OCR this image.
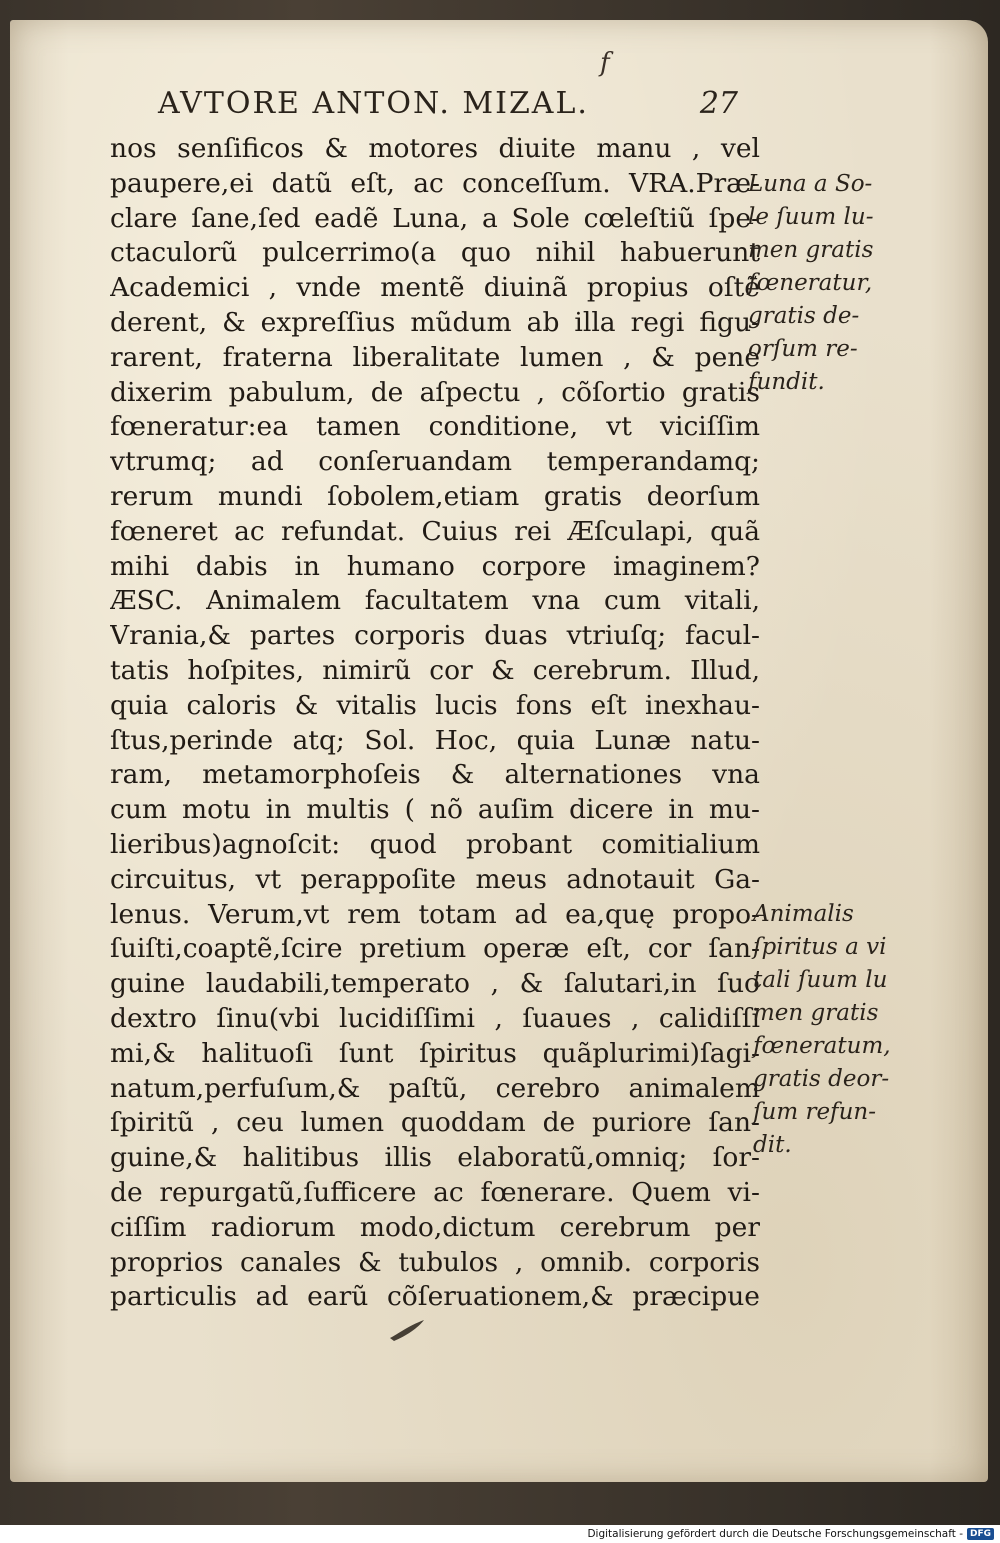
f
AVTORE ANTON. MIZAL.	27
nos senſificos & motores diuite manu , vel
paupere,ei datũ eſt, ac conceſſum. VRA.Præ-
clare ſane,ſed eadẽ Luna, a Sole cœleſtiũ ſpe-
ctaculorũ pulcerrimo(a quo nihil habuerunt
Academici , vnde mentẽ diuinã propius oſtẽ
derent, & expreſſius mũdum ab illa regi figu-
rarent, fraterna liberalitate lumen , & pene
dixerim pabulum, de aſpectu , cõſortio gratis
fœneratur:ea tamen conditione, vt viciſſim
vtrumq; ad conſeruandam temperandamq;
rerum mundi ſobolem,etiam gratis deorſum
fœneret ac refundat. Cuius rei Æſculapi, quã
mihi dabis in humano corpore imaginem?
ÆSC. Animalem facultatem vna cum vitali,
Vrania,& partes corporis duas vtriuſq; facul-
tatis hoſpites, nimirũ cor & cerebrum. Illud,
quia caloris & vitalis lucis fons eſt inexhau-
ſtus,perinde atq; Sol. Hoc, quia Lunæ natu-
ram, metamorphoſeis & alternationes vna
cum motu in multis ( nõ auſim dicere in mu-
lieribus)agnoſcit: quod probant comitialium
circuitus, vt perappoſite meus adnotauit Ga-
lenus. Verum,vt rem totam ad ea,quę propo-
ſuiſti,coaptẽ,ſcire pretium operæ eſt, cor ſan-
guine laudabili,temperato , & ſalutari,in ſuo
dextro ſinu(vbi lucidiſſimi , ſuaues , calidiſſi
mi,& halituoſi ſunt ſpiritus quãplurimi)ſagi-
natum,perfuſum,& paſtũ, cerebro animalem
ſpiritũ , ceu lumen quoddam de puriore ſan-
guine,& halitibus illis elaboratũ,omniq; ſor-
de repurgatũ,ſufficere ac fœnerare. Quem vi-
ciſſim radiorum modo,dictum cerebrum per
proprios canales & tubulos , omnib. corporis
particulis ad earũ cõſeruationem,& præcipue
Luna a So-
le ſuum lu-
men gratis
fœneratur,
gratis de-
orſum re-
fundit.
Animalis
ſpiritus a vi
tali ſuum lu
men gratis
fœneratum,
gratis deor-
ſum refun-
dit.
Digitalisierung gefördert durch die Deutsche Forschungsgemeinschaft - DFG
